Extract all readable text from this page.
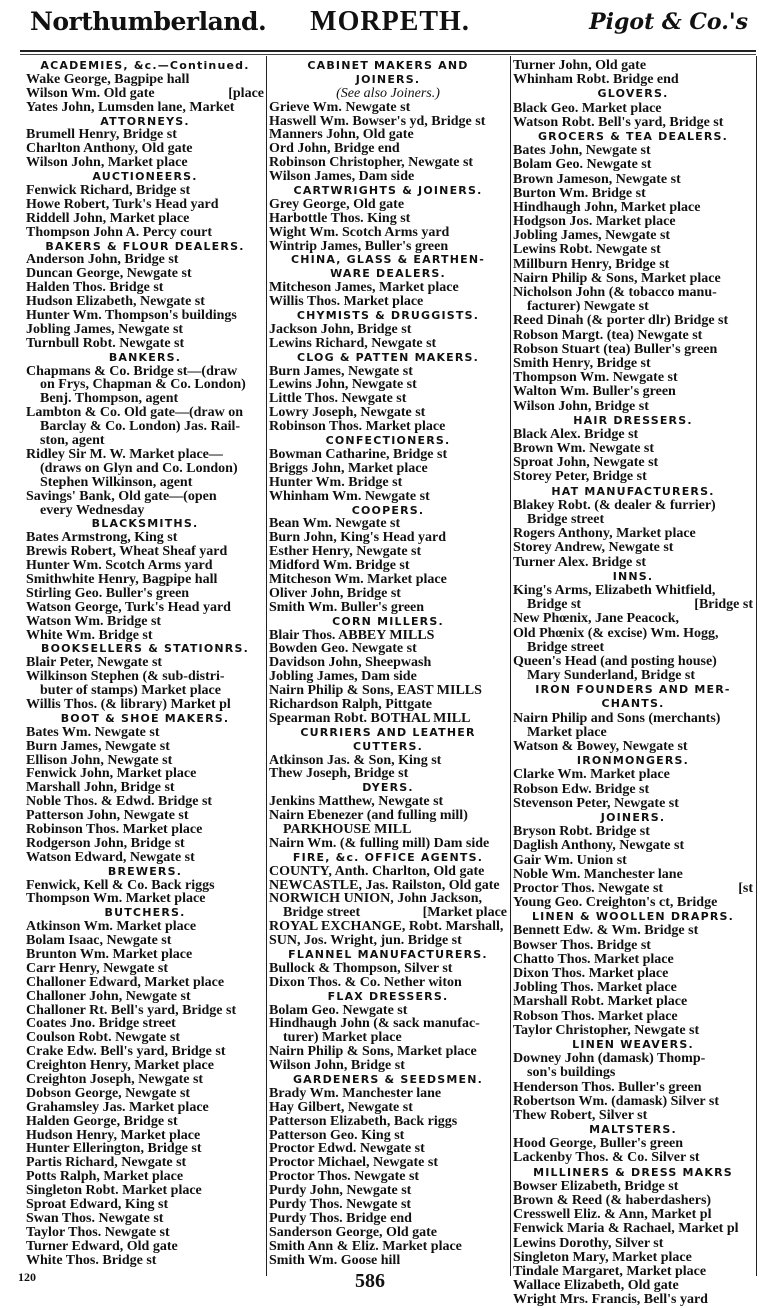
Northumberland.	MORPETH.	Pigot & Co.'s
ACADEMIES, &c.—Continued.
Wake George, Bagpipe hall
Wilson Wm. Old gate	[place
Yates John, Lumsden lane, Market
ATTORNEYS.
Brumell Henry, Bridge st
Charlton Anthony, Old gate
Wilson John, Market place
AUCTIONEERS.
Fenwick Richard, Bridge st
Howe Robert, Turk's Head yard
Riddell John, Market place
Thompson John A. Percy court
BAKERS & FLOUR DEALERS.
Anderson John, Bridge st
Duncan George, Newgate st
Halden Thos. Bridge st
Hudson Elizabeth, Newgate st
Hunter Wm. Thompson's buildings
Jobling James, Newgate st
Turnbull Robt. Newgate st
BANKERS.
Chapmans & Co. Bridge st—(draw
on Frys, Chapman & Co. London)
Benj. Thompson, agent
Lambton & Co. Old gate—(draw on
Barclay & Co. London) Jas. Rail-
ston, agent
Ridley Sir M. W. Market place—
(draws on Glyn and Co. London)
Stephen Wilkinson, agent
Savings' Bank, Old gate—(open
every Wednesday
BLACKSMITHS.
Bates Armstrong, King st
Brewis Robert, Wheat Sheaf yard
Hunter Wm. Scotch Arms yard
Smithwhite Henry, Bagpipe hall
Stirling Geo. Buller's green
Watson George, Turk's Head yard
Watson Wm. Bridge st
White Wm. Bridge st
BOOKSELLERS & STATIONRS.
Blair Peter, Newgate st
Wilkinson Stephen (& sub-distri-
buter of stamps) Market place
Willis Thos. (& library) Market pl
BOOT & SHOE MAKERS.
Bates Wm. Newgate st
Burn James, Newgate st
Ellison John, Newgate st
Fenwick John, Market place
Marshall John, Bridge st
Noble Thos. & Edwd. Bridge st
Patterson John, Newgate st
Robinson Thos. Market place
Rodgerson John, Bridge st
Watson Edward, Newgate st
BREWERS.
Fenwick, Kell & Co. Back riggs
Thompson Wm. Market place
BUTCHERS.
Atkinson Wm. Market place
Bolam Isaac, Newgate st
Brunton Wm. Market place
Carr Henry, Newgate st
Challoner Edward, Market place
Challoner John, Newgate st
Challoner Rt. Bell's yard, Bridge st
Coates Jno. Bridge street
Coulson Robt. Newgate st
Crake Edw. Bell's yard, Bridge st
Creighton Henry, Market place
Creighton Joseph, Newgate st
Dobson George, Newgate st
Grahamsley Jas. Market place
Halden George, Bridge st
Hudson Henry, Market place
Hunter Ellerington, Bridge st
Partis Richard, Newgate st
Potts Ralph, Market place
Singleton Robt. Market place
Sproat Edward, King st
Swan Thos. Newgate st
Taylor Thos. Newgate st
Turner Edward, Old gate
White Thos. Bridge st
CABINET MAKERS AND
JOINERS.
(See also Joiners.)
Grieve Wm. Newgate st
Haswell Wm. Bowser's yd, Bridge st
Manners John, Old gate
Ord John, Bridge end
Robinson Christopher, Newgate st
Wilson James, Dam side
CARTWRIGHTS & JOINERS.
Grey George, Old gate
Harbottle Thos. King st
Wight Wm. Scotch Arms yard
Wintrip James, Buller's green
CHINA, GLASS & EARTHEN-
WARE DEALERS.
Mitcheson James, Market place
Willis Thos. Market place
CHYMISTS & DRUGGISTS.
Jackson John, Bridge st
Lewins Richard, Newgate st
CLOG & PATTEN MAKERS.
Burn James, Newgate st
Lewins John, Newgate st
Little Thos. Newgate st
Lowry Joseph, Newgate st
Robinson Thos. Market place
CONFECTIONERS.
Bowman Catharine, Bridge st
Briggs John, Market place
Hunter Wm. Bridge st
Whinham Wm. Newgate st
COOPERS.
Bean Wm. Newgate st
Burn John, King's Head yard
Esther Henry, Newgate st
Midford Wm. Bridge st
Mitcheson Wm. Market place
Oliver John, Bridge st
Smith Wm. Buller's green
CORN MILLERS.
Blair Thos. ABBEY MILLS
Bowden Geo. Newgate st
Davidson John, Sheepwash
Jobling James, Dam side
Nairn Philip & Sons, EAST MILLS
Richardson Ralph, Pittgate
Spearman Robt. BOTHAL MILL
CURRIERS AND LEATHER
CUTTERS.
Atkinson Jas. & Son, King st
Thew Joseph, Bridge st
DYERS.
Jenkins Matthew, Newgate st
Nairn Ebenezer (and fulling mill)
PARKHOUSE MILL
Nairn Wm. (& fulling mill) Dam side
FIRE, &c. OFFICE AGENTS.
COUNTY, Anth. Charlton, Old gate
NEWCASTLE, Jas. Railston, Old gate
NORWICH UNION, John Jackson,
Bridge street	[Market place
ROYAL EXCHANGE, Robt. Marshall,
SUN, Jos. Wright, jun. Bridge st
FLANNEL MANUFACTURERS.
Bullock & Thompson, Silver st
Dixon Thos. & Co. Nether witon
FLAX DRESSERS.
Bolam Geo. Newgate st
Hindhaugh John (& sack manufac-
turer) Market place
Nairn Philip & Sons, Market place
Wilson John, Bridge st
GARDENERS & SEEDSMEN.
Brady Wm. Manchester lane
Hay Gilbert, Newgate st
Patterson Elizabeth, Back riggs
Patterson Geo. King st
Proctor Edwd. Newgate st
Proctor Michael, Newgate st
Proctor Thos. Newgate st
Purdy John, Newgate st
Purdy Thos. Newgate st
Purdy Thos. Bridge end
Sanderson George, Old gate
Smith Ann & Eliz. Market place
Smith Wm. Goose hill
Turner John, Old gate
Whinham Robt. Bridge end
GLOVERS.
Black Geo. Market place
Watson Robt. Bell's yard, Bridge st
GROCERS & TEA DEALERS.
Bates John, Newgate st
Bolam Geo. Newgate st
Brown Jameson, Newgate st
Burton Wm. Bridge st
Hindhaugh John, Market place
Hodgson Jos. Market place
Jobling James, Newgate st
Lewins Robt. Newgate st
Millburn Henry, Bridge st
Nairn Philip & Sons, Market place
Nicholson John (& tobacco manu-
facturer) Newgate st
Reed Dinah (& porter dlr) Bridge st
Robson Margt. (tea) Newgate st
Robson Stuart (tea) Buller's green
Smith Henry, Bridge st
Thompson Wm. Newgate st
Walton Wm. Buller's green
Wilson John, Bridge st
HAIR DRESSERS.
Black Alex. Bridge st
Brown Wm. Newgate st
Sproat John, Newgate st
Storey Peter, Bridge st
HAT MANUFACTURERS.
Blakey Robt. (& dealer & furrier)
Bridge street
Rogers Anthony, Market place
Storey Andrew, Newgate st
Turner Alex. Bridge st
INNS.
King's Arms, Elizabeth Whitfield,
Bridge st	[Bridge st
New Phœnix, Jane Peacock,
Old Phœnix (& excise) Wm. Hogg,
Bridge street
Queen's Head (and posting house)
Mary Sunderland, Bridge st
IRON FOUNDERS AND MER-
CHANTS.
Nairn Philip and Sons (merchants)
Market place
Watson & Bowey, Newgate st
IRONMONGERS.
Clarke Wm. Market place
Robson Edw. Bridge st
Stevenson Peter, Newgate st
JOINERS.
Bryson Robt. Bridge st
Daglish Anthony, Newgate st
Gair Wm. Union st
Noble Wm. Manchester lane
Proctor Thos. Newgate st	[st
Young Geo. Creighton's ct, Bridge
LINEN & WOOLLEN DRAPRS.
Bennett Edw. & Wm. Bridge st
Bowser Thos. Bridge st
Chatto Thos. Market place
Dixon Thos. Market place
Jobling Thos. Market place
Marshall Robt. Market place
Robson Thos. Market place
Taylor Christopher, Newgate st
LINEN WEAVERS.
Downey John (damask) Thomp-
son's buildings
Henderson Thos. Buller's green
Robertson Wm. (damask) Silver st
Thew Robert, Silver st
MALTSTERS.
Hood George, Buller's green
Lackenby Thos. & Co. Silver st
MILLINERS & DRESS MAKRS
Bowser Elizabeth, Bridge st
Brown & Reed (& haberdashers)
Cresswell Eliz. & Ann, Market pl
Fenwick Maria & Rachael, Market pl
Lewins Dorothy, Silver st
Singleton Mary, Market place
Tindale Margaret, Market place
Wallace Elizabeth, Old gate
Wright Mrs. Francis, Bell's yard
120	586
